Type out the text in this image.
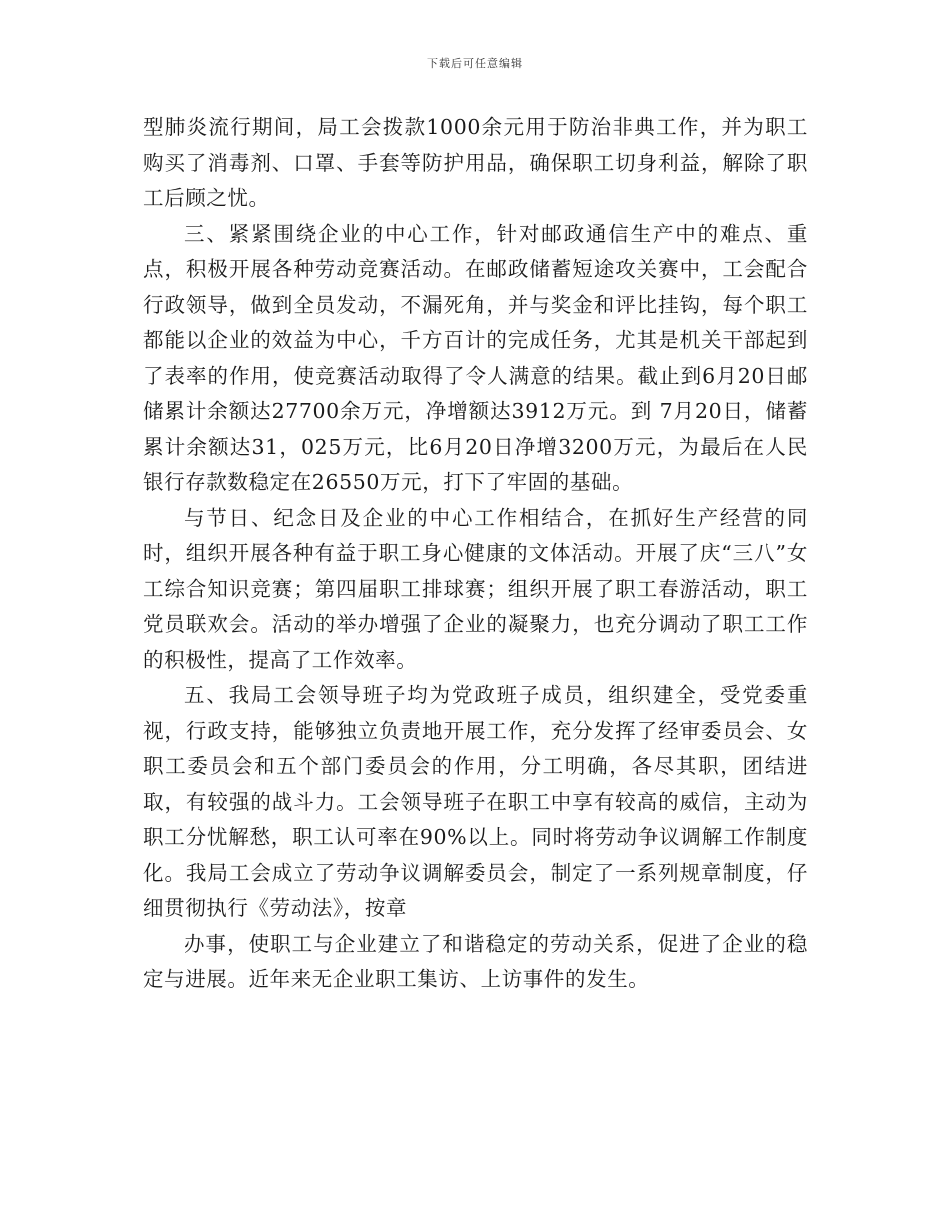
下载后可任意编辑

型肺炎流行期间，局工会拨款1000余元用于防治非典工作，并为职工购买了消毒剂、口罩、手套等防护用品，确保职工切身利益，解除了职工后顾之忧。

三、紧紧围绕企业的中心工作，针对邮政通信生产中的难点、重点，积极开展各种劳动竞赛活动。在邮政储蓄短途攻关赛中，工会配合行政领导，做到全员发动，不漏死角，并与奖金和评比挂钩，每个职工都能以企业的效益为中心，千方百计的完成任务，尤其是机关干部起到了表率的作用，使竞赛活动取得了令人满意的结果。截止到6月20日邮储累计余额达27700余万元，净增额达3912万元。到 7月20日，储蓄累计余额达31，025万元，比6月20日净增3200万元，为最后在人民银行存款数稳定在26550万元，打下了牢固的基础。

与节日、纪念日及企业的中心工作相结合，在抓好生产经营的同时，组织开展各种有益于职工身心健康的文体活动。开展了庆“三八”女工综合知识竞赛；第四届职工排球赛；组织开展了职工春游活动，职工党员联欢会。活动的举办增强了企业的凝聚力，也充分调动了职工工作的积极性，提高了工作效率。

五、我局工会领导班子均为党政班子成员，组织建全，受党委重视，行政支持，能够独立负责地开展工作，充分发挥了经审委员会、女职工委员会和五个部门委员会的作用，分工明确，各尽其职，团结进取，有较强的战斗力。工会领导班子在职工中享有较高的威信，主动为职工分忧解愁，职工认可率在90%以上。同时将劳动争议调解工作制度化。我局工会成立了劳动争议调解委员会，制定了一系列规章制度，仔细贯彻执行《劳动法》，按章

办事，使职工与企业建立了和谐稳定的劳动关系，促进了企业的稳定与进展。近年来无企业职工集访、上访事件的发生。
